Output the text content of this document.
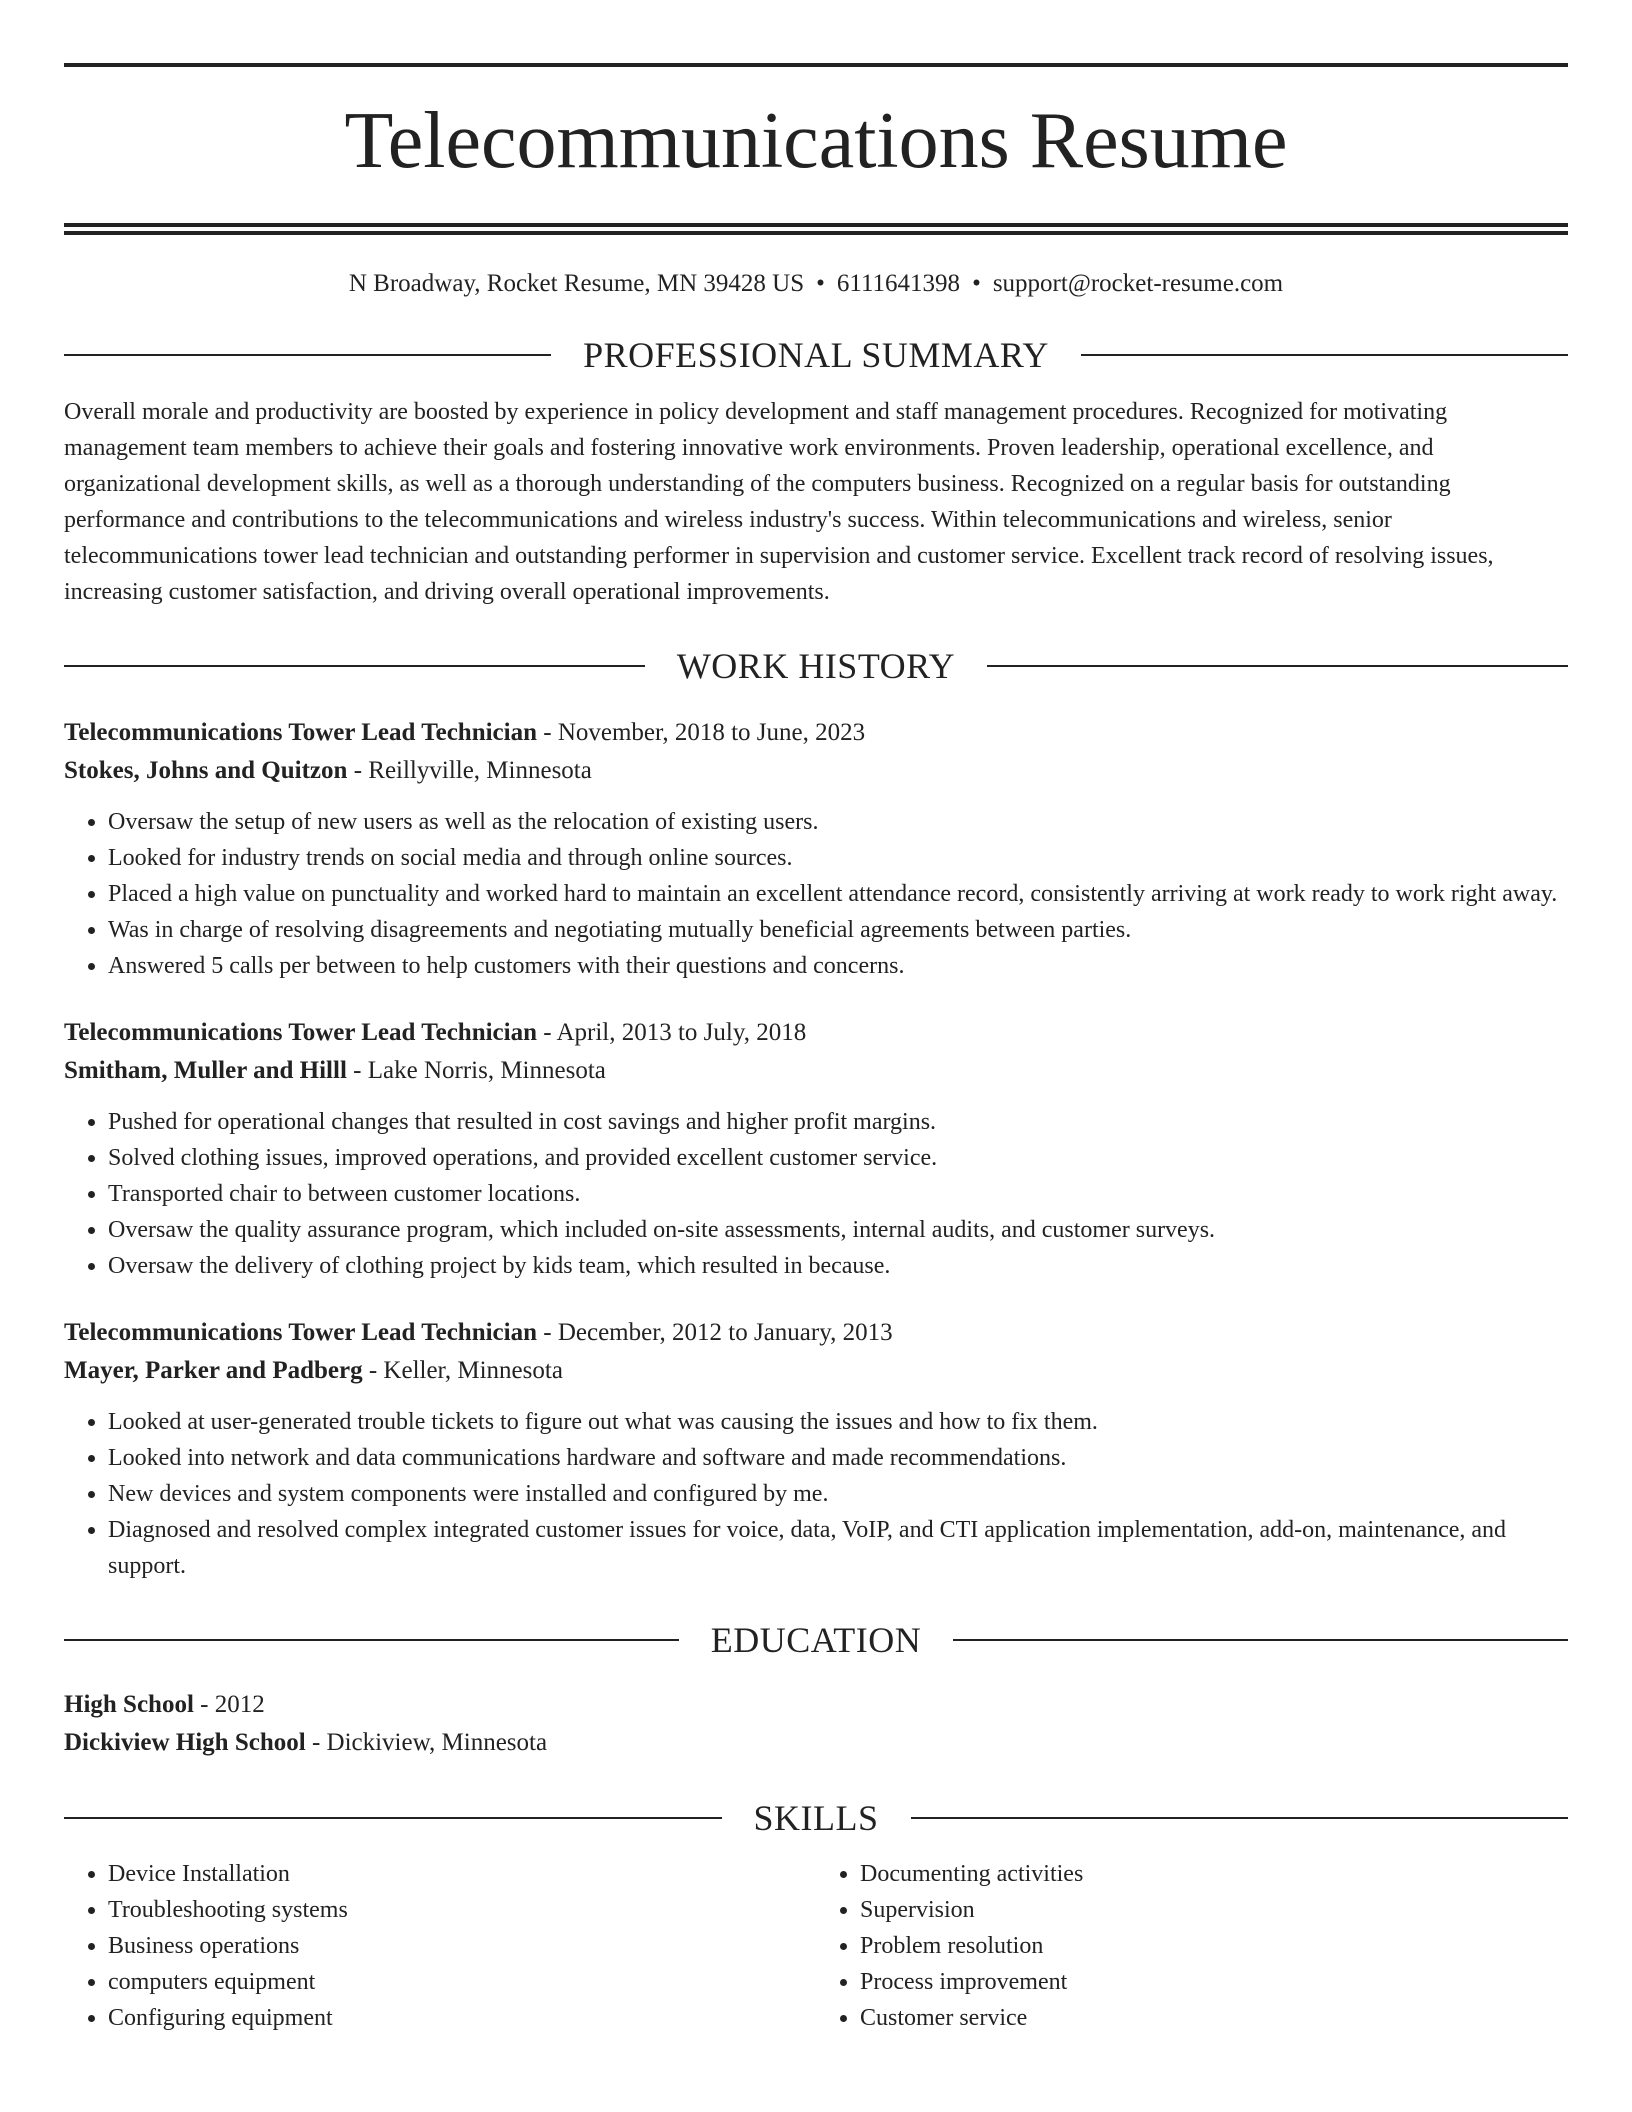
Telecommunications Resume
N Broadway, Rocket Resume, MN 39428 US • 6111641398 • support@rocket-resume.com
PROFESSIONAL SUMMARY
Overall morale and productivity are boosted by experience in policy development and staff management procedures. Recognized for motivating management team members to achieve their goals and fostering innovative work environments. Proven leadership, operational excellence, and organizational development skills, as well as a thorough understanding of the computers business. Recognized on a regular basis for outstanding performance and contributions to the telecommunications and wireless industry's success. Within telecommunications and wireless, senior telecommunications tower lead technician and outstanding performer in supervision and customer service. Excellent track record of resolving issues, increasing customer satisfaction, and driving overall operational improvements.
WORK HISTORY
Telecommunications Tower Lead Technician - November, 2018 to June, 2023
Stokes, Johns and Quitzon - Reillyville, Minnesota
• Oversaw the setup of new users as well as the relocation of existing users.
• Looked for industry trends on social media and through online sources.
• Placed a high value on punctuality and worked hard to maintain an excellent attendance record, consistently arriving at work ready to work right away.
• Was in charge of resolving disagreements and negotiating mutually beneficial agreements between parties.
• Answered 5 calls per between to help customers with their questions and concerns.
Telecommunications Tower Lead Technician - April, 2013 to July, 2018
Smitham, Muller and Hilll - Lake Norris, Minnesota
• Pushed for operational changes that resulted in cost savings and higher profit margins.
• Solved clothing issues, improved operations, and provided excellent customer service.
• Transported chair to between customer locations.
• Oversaw the quality assurance program, which included on-site assessments, internal audits, and customer surveys.
• Oversaw the delivery of clothing project by kids team, which resulted in because.
Telecommunications Tower Lead Technician - December, 2012 to January, 2013
Mayer, Parker and Padberg - Keller, Minnesota
• Looked at user-generated trouble tickets to figure out what was causing the issues and how to fix them.
• Looked into network and data communications hardware and software and made recommendations.
• New devices and system components were installed and configured by me.
• Diagnosed and resolved complex integrated customer issues for voice, data, VoIP, and CTI application implementation, add-on, maintenance, and support.
EDUCATION
High School - 2012
Dickiview High School - Dickiview, Minnesota
SKILLS
• Device Installation
• Troubleshooting systems
• Business operations
• computers equipment
• Configuring equipment
• Documenting activities
• Supervision
• Problem resolution
• Process improvement
• Customer service
